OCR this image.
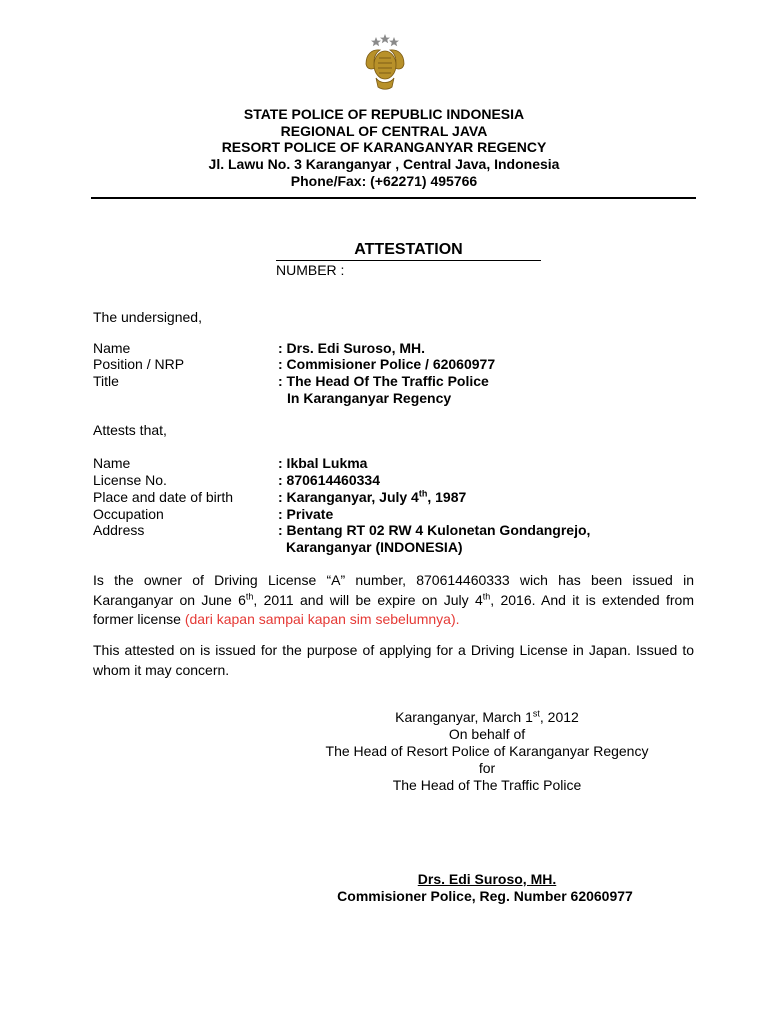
STATE POLICE OF REPUBLIC INDONESIA
REGIONAL OF CENTRAL JAVA
RESORT POLICE OF KARANGANYAR REGENCY
Jl. Lawu No. 3 Karanganyar , Central Java, Indonesia
Phone/Fax: (+62271) 495766
ATTESTATION
NUMBER :
The undersigned,
Name	: Drs. Edi Suroso, MH.
Position / NRP	: Commisioner Police / 62060977
Title	: The Head Of The Traffic Police
In Karanganyar Regency
Attests that,
Name	: Ikbal Lukma
License No.	: 870614460334
Place and date of birth	: Karanganyar, July 4th, 1987
Occupation	: Private
Address	: Bentang RT 02 RW 4 Kulonetan Gondangrejo,
Karanganyar (INDONESIA)
Is the owner of Driving License “A” number, 870614460333 wich has been issued in Karanganyar on June 6th, 2011 and will be expire on July 4th, 2016. And it is extended from former license (dari kapan sampai kapan sim sebelumnya).
This attested on is issued for the purpose of applying for a Driving License in Japan. Issued to whom it may concern.
Karanganyar, March 1st, 2012
On behalf of
The Head of Resort Police of Karanganyar Regency
for
The Head of The Traffic Police
Drs. Edi Suroso, MH.
Commisioner Police, Reg. Number 62060977
